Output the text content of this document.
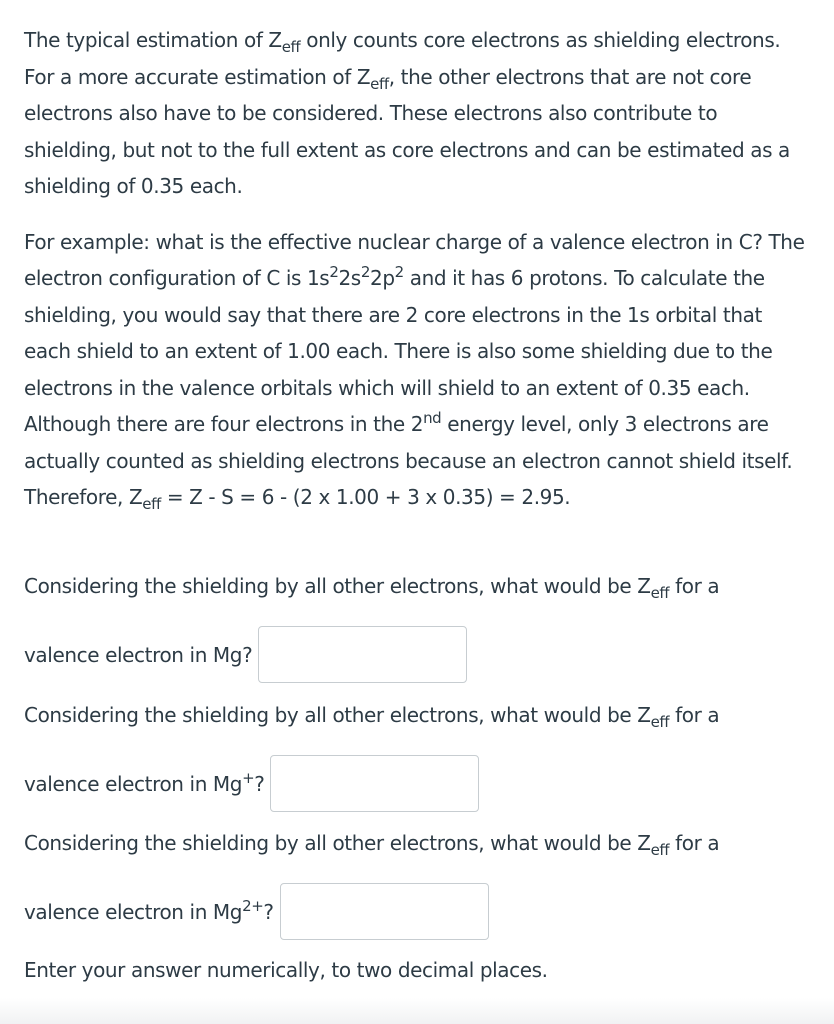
The typical estimation of $Z_{eff}$ only counts core electrons as shielding electrons. For a more accurate estimation of $Z_{eff}$, the other electrons that are not core electrons also have to be considered. These electrons also contribute to shielding, but not to the full extent as core electrons and can be estimated as a shielding of 0.35 each.

For example: what is the effective nuclear charge of a valence electron in C? The electron configuration of C is $1s^22s^22p^2$ and it has 6 protons. To calculate the shielding, you would say that there are 2 core electrons in the 1s orbital that each shield to an extent of 1.00 each. There is also some shielding due to the electrons in the valence orbitals which will shield to an extent of 0.35 each. Although there are four electrons in the 2nd energy level, only 3 electrons are actually counted as shielding electrons because an electron cannot shield itself. Therefore, $Z_{eff} = Z - S = 6 - (2$ x 1.00 + 3 x 0.35) = 2.95.

Considering the shielding by all other electrons, what would be $Z_{eff}$ for a
valence electron in Mg?
Considering the shielding by all other electrons, what would be $Z_{eff}$ for a
valence electron in Mg+?
Considering the shielding by all other electrons, what would be $Z_{eff}$ for a
valence electron in $Mg^{2+}$?
Enter your answer numerically, to two decimal places.
